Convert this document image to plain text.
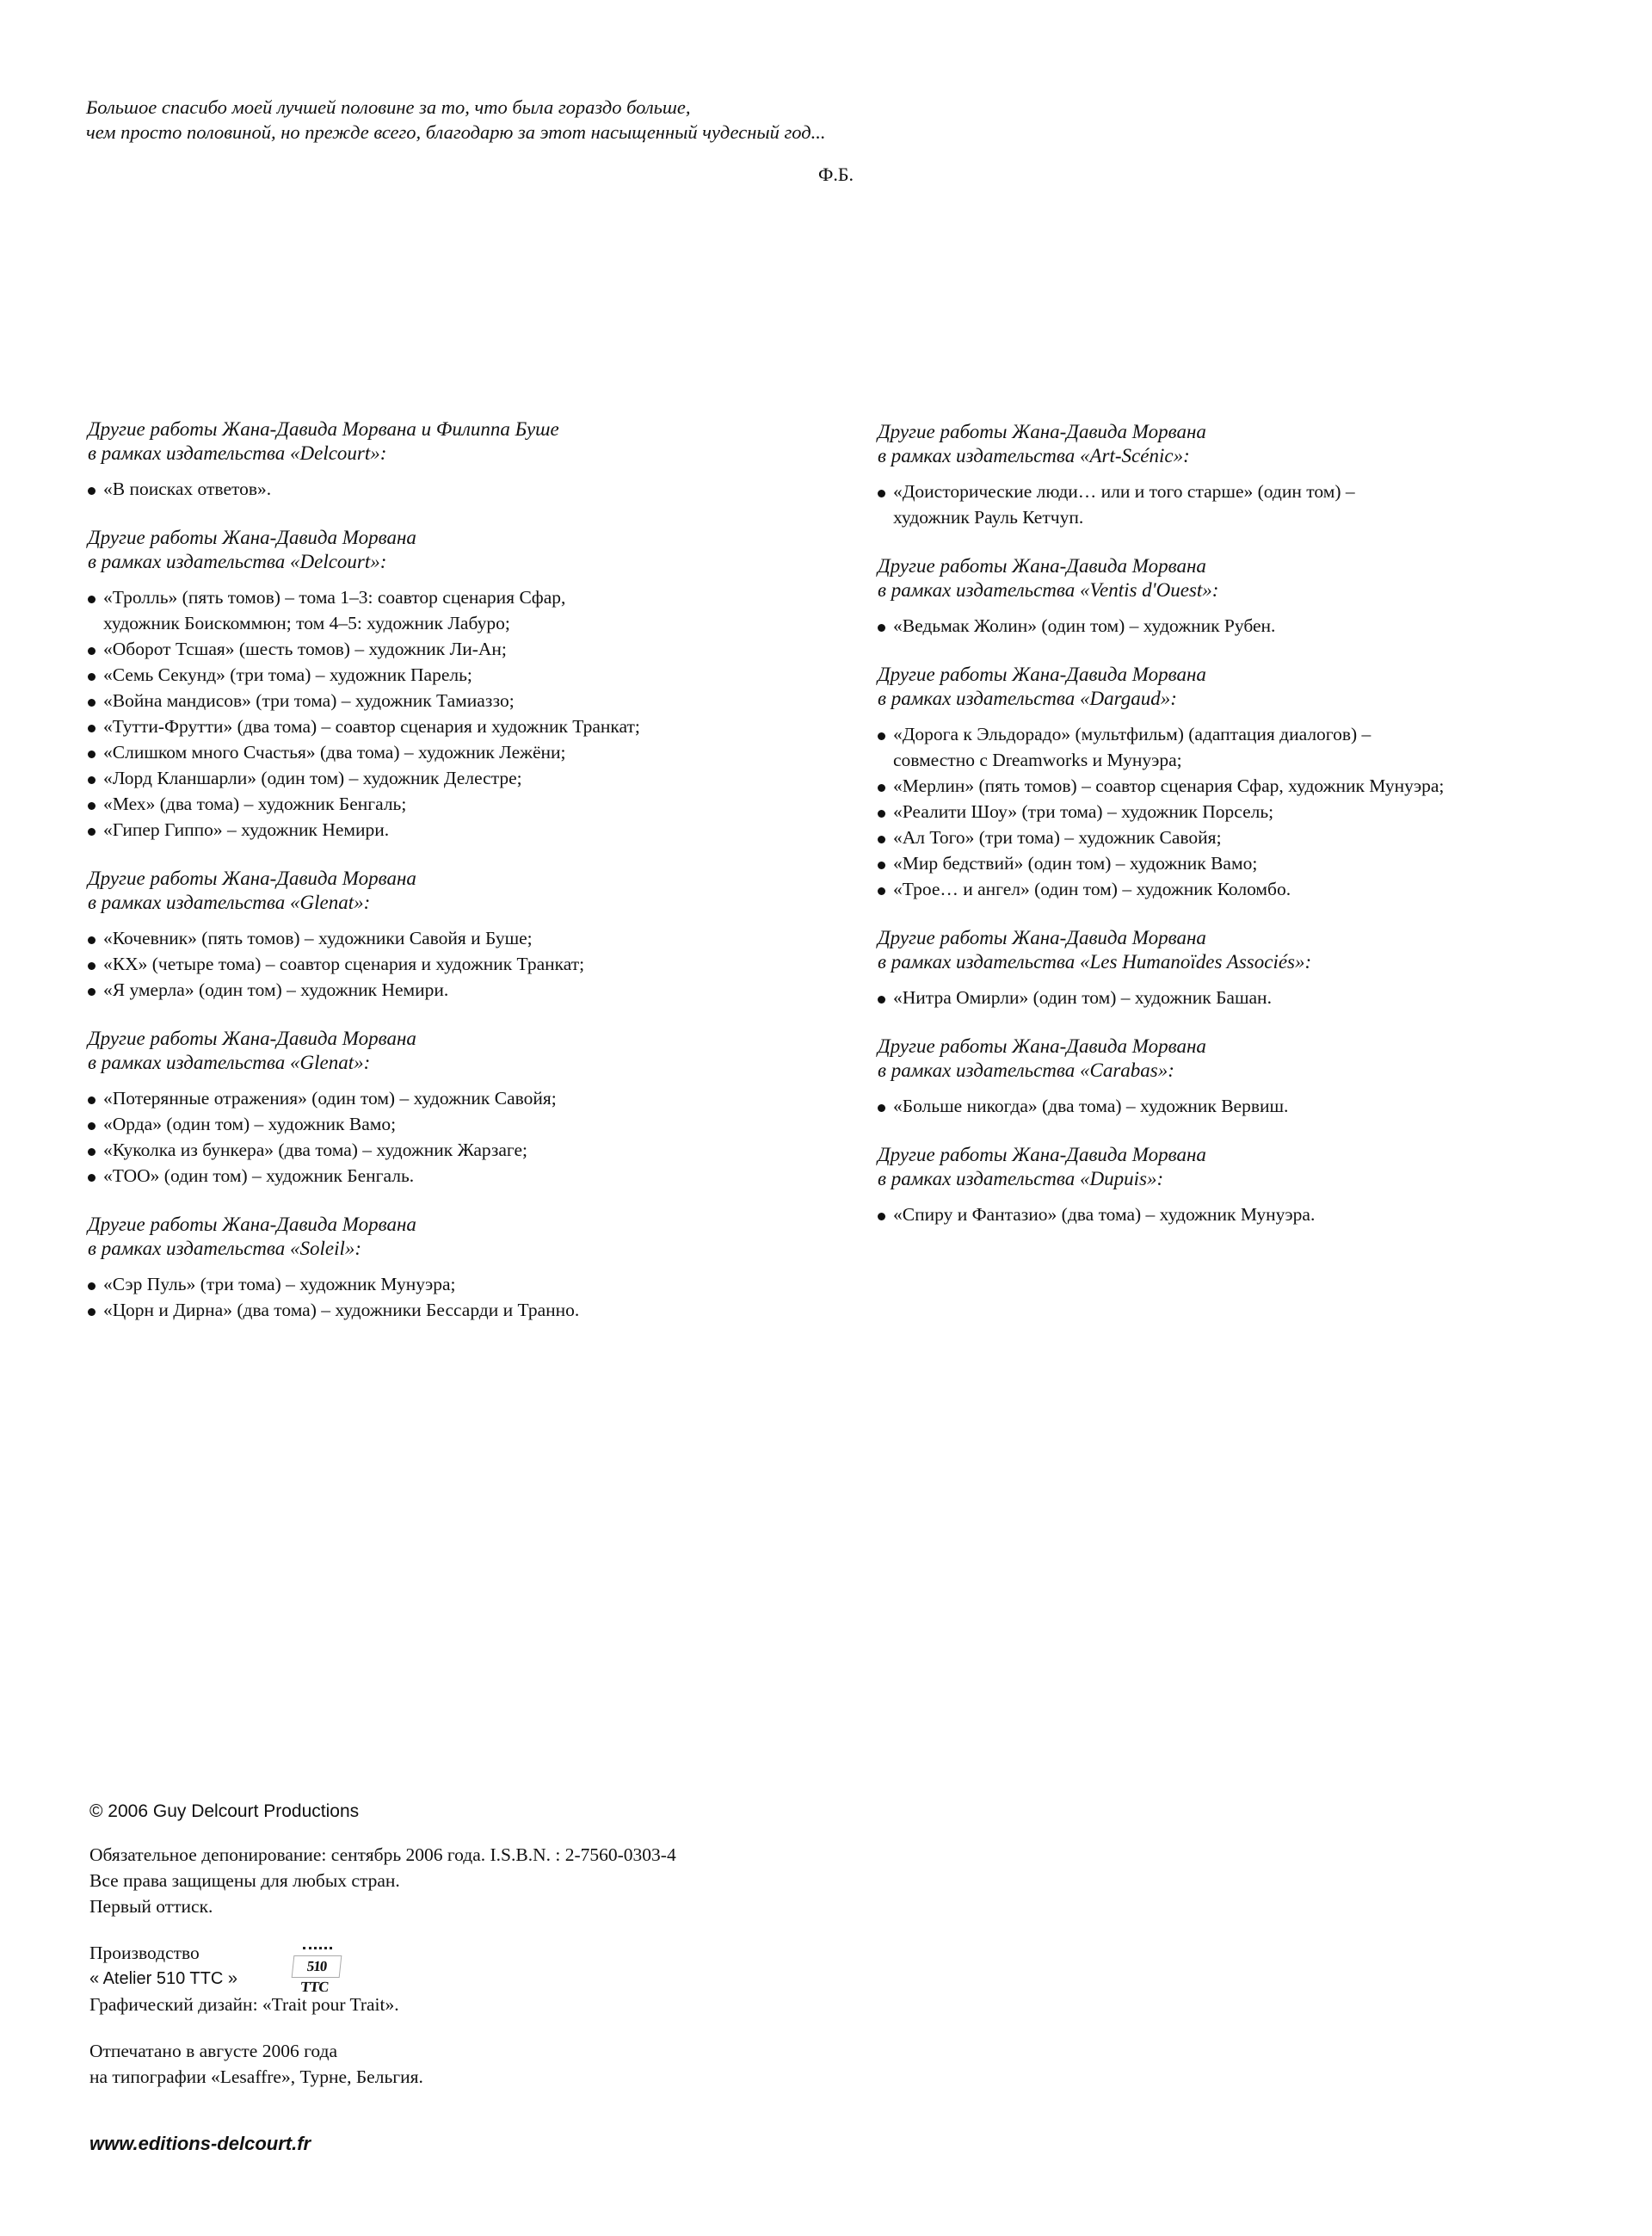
Большое спасибо моей лучшей половине за то, что была гораздо больше,
чем просто половиной, но прежде всего, благодарю за этот насыщенный чудесный год...
Ф.Б.
Другие работы Жана-Давида Морвана и Филиппа Буше
в рамках издательства «Delcourt»:
«В поисках ответов».
Другие работы Жана-Давида Морвана
в рамках издательства «Delcourt»:
«Тролль» (пять томов) – тома 1–3: соавтор сценария Сфар,
художник Боискоммюн; том 4–5: художник Лабуро;
«Оборот Тсшая» (шесть томов) – художник Ли-Ан;
«Семь Секунд» (три тома) – художник Парель;
«Война мандисов» (три тома) – художник Тамиаззо;
«Тутти-Фрутти» (два тома) – соавтор сценария и художник Транкат;
«Слишком много Счастья» (два тома) – художник Лежёни;
«Лорд Кланшарли» (один том) – художник Делестре;
«Мех» (два тома) – художник Бенгаль;
«Гипер Гиппо» – художник Немири.
Другие работы Жана-Давида Морвана
в рамках издательства «Glenat»:
«Кочевник» (пять томов) – художники Савойя и Буше;
«КХ» (четыре тома) – соавтор сценария и художник Транкат;
«Я умерла» (один том) – художник Немири.
Другие работы Жана-Давида Морвана
в рамках издательства «Glenat»:
«Потерянные отражения» (один том) – художник Савойя;
«Орда» (один том) – художник Вамо;
«Куколка из бункера» (два тома) – художник Жарзаге;
«ТОО» (один том) – художник Бенгаль.
Другие работы Жана-Давида Морвана
в рамках издательства «Soleil»:
«Сэр Пуль» (три тома) – художник Мунуэра;
«Цорн и Дирна» (два тома) – художники Бессарди и Транно.
Другие работы Жана-Давида Морвана
в рамках издательства «Art-Scénic»:
«Доисторические люди… или и того старше» (один том) –
художник Рауль Кетчуп.
Другие работы Жана-Давида Морвана
в рамках издательства «Ventis d'Ouest»:
«Ведьмак Жолин» (один том) – художник Рубен.
Другие работы Жана-Давида Морвана
в рамках издательства «Dargaud»:
«Дорога к Эльдорадо» (мультфильм) (адаптация диалогов) –
совместно с Dreamworks и Мунуэра;
«Мерлин» (пять томов) – соавтор сценария Сфар, художник Мунуэра;
«Реалити Шоу» (три тома) – художник Порсель;
«Ал Того» (три тома) – художник Савойя;
«Мир бедствий» (один том) – художник Вамо;
«Трое… и ангел» (один том) – художник Коломбо.
Другие работы Жана-Давида Морвана
в рамках издательства «Les Humanoïdes Associés»:
«Нитра Омирли» (один том) – художник Башан.
Другие работы Жана-Давида Морвана
в рамках издательства «Carabas»:
«Больше никогда» (два тома) – художник Вервиш.
Другие работы Жана-Давида Морвана
в рамках издательства «Dupuis»:
«Спиру и Фантазио» (два тома) – художник Мунуэра.
© 2006 Guy Delcourt Productions
Обязательное депонирование: сентябрь 2006 года. I.S.B.N. : 2-7560-0303-4
Все права защищены для любых стран.
Первый оттиск.
Производство
« Atelier 510 TTC »
Графический дизайн: «Trait pour Trait».
Отпечатано в августе 2006 года
на типографии «Lesaffre», Турне, Бельгия.
510 TTC
www.editions-delcourt.fr
